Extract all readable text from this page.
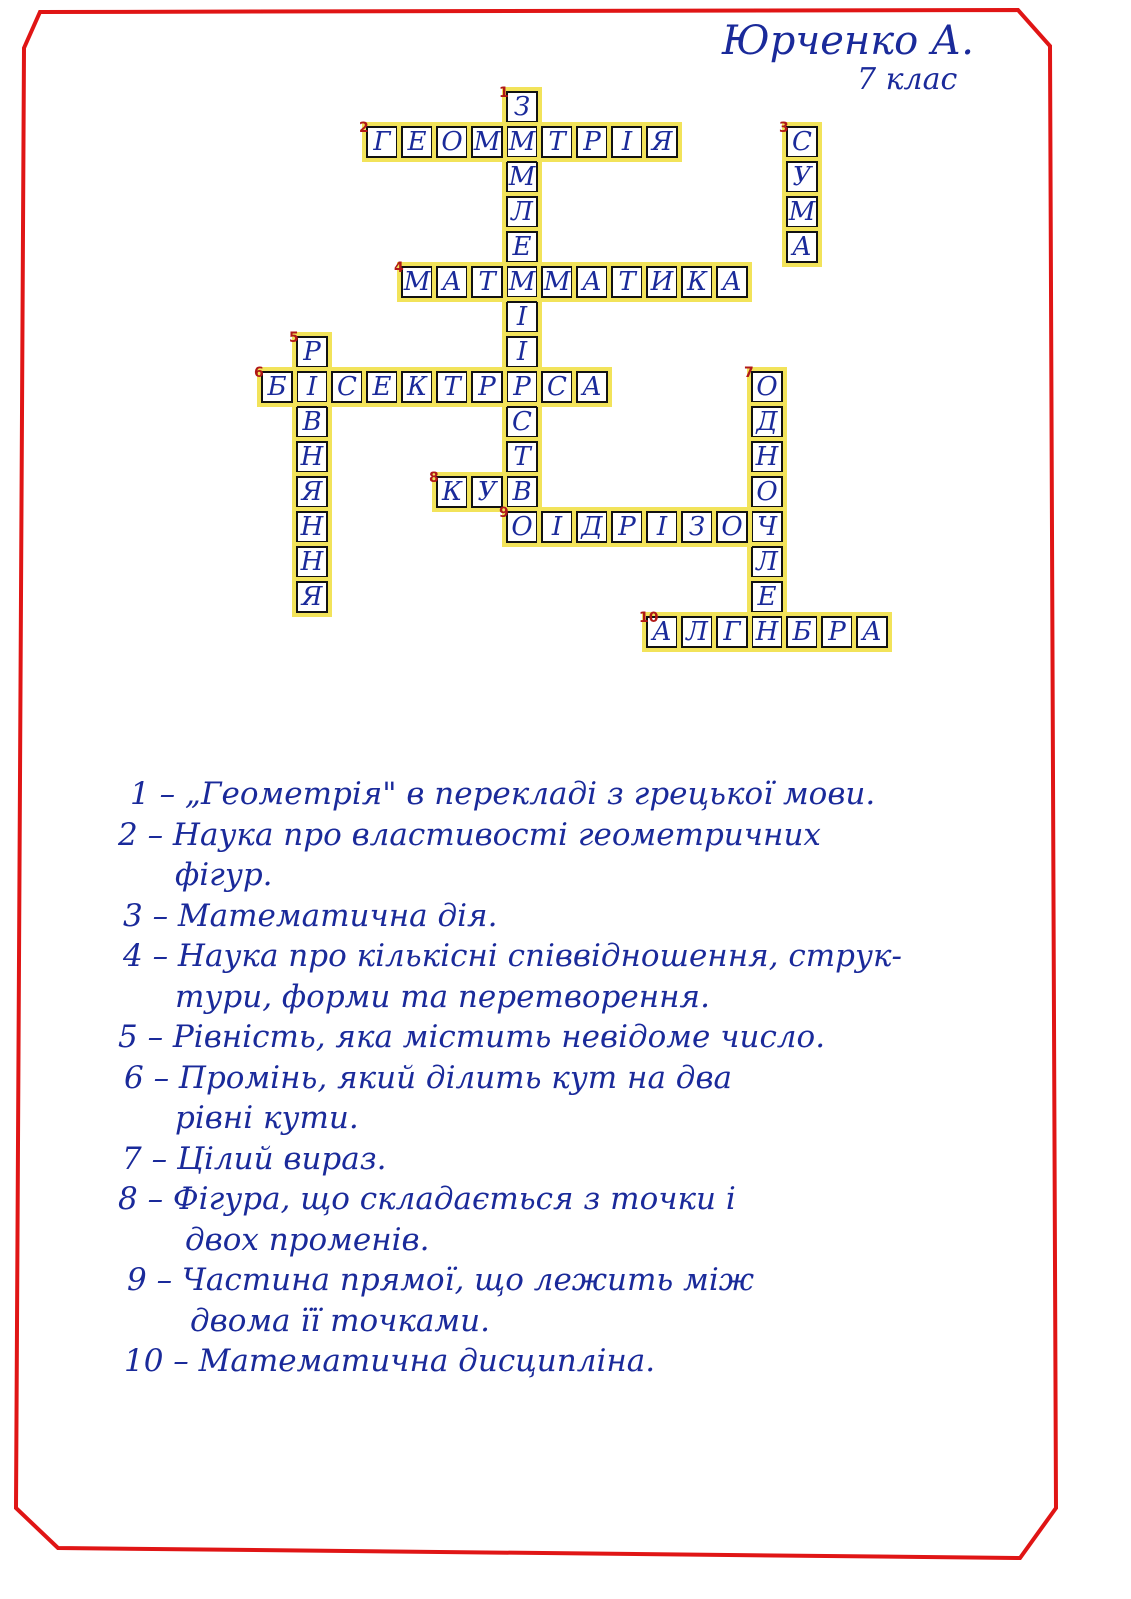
Юрченко А.
7 клас
З
1
М
М
Л
Е
М
І
І
Р
С
Т
В
О
Г
2 Е О М Т Р І Я	С
3
У
М
А
М
4 А Т М А Т И К А
Р
5
І
В
Н
Я
Н
Н
Я
Б
6	С Е К Т Р С А	О
7
Д
Н
О
Ч
Л
Е
Н
К
8 У
9	І Д Р І З О
А
10 Л Г Б Р А
1 – „Геометрія" в перекладі з грецької мови.
2 – Наука про властивості геометричних
фігур.
3 – Математична дія.
4 – Наука про кількісні співвідношення, струк-
тури, форми та перетворення.
5 – Рівність, яка містить невідоме число.
6 – Промінь, який ділить кут на два
рівні кути.
7 – Цілий вираз.
8 – Фігура, що складається з точки і
двох променів.
9 – Частина прямої, що лежить між
двома її точками.
10 – Математична дисципліна.
